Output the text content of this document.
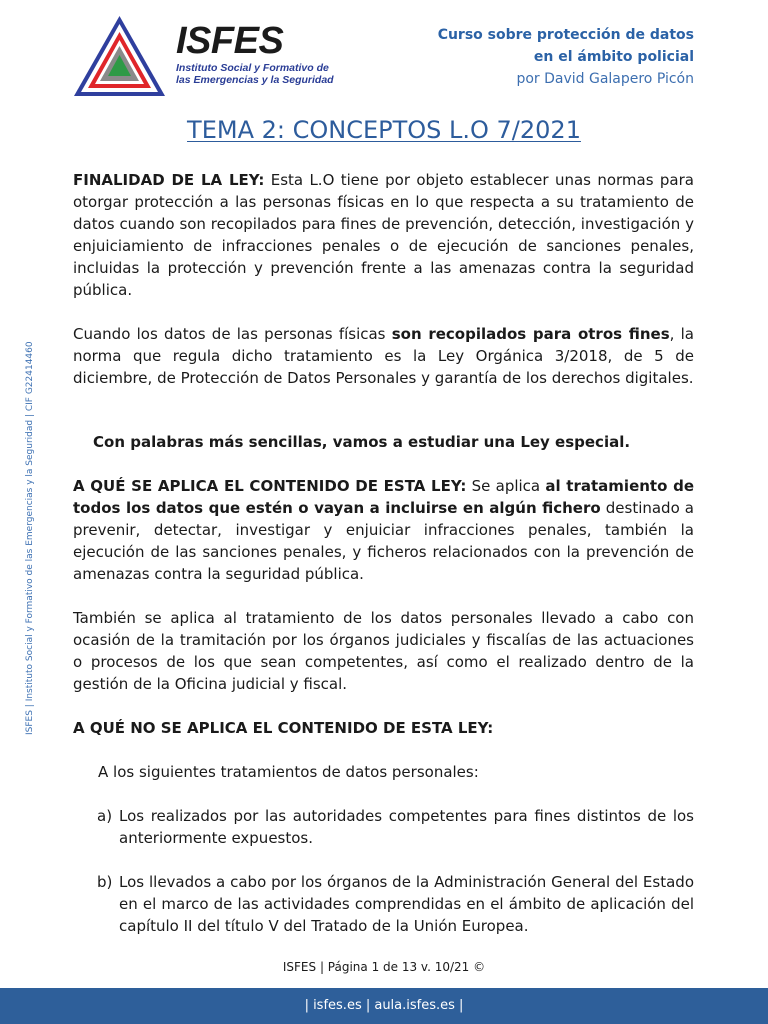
ISFES
Instituto Social y Formativo de
las Emergencias y la Seguridad
Curso sobre protección de datos
en el ámbito policial
por David Galapero Picón
TEMA 2: CONCEPTOS L.O 7/2021
ISFES | Instituto Social y Formativo de las Emergencias y la Seguridad | CIF G22414460

FINALIDAD DE LA LEY: Esta L.O tiene por objeto establecer unas normas para otorgar protección a las personas físicas en lo que respecta a su tratamiento de datos cuando son recopilados para fines de prevención, detección, investigación y enjuiciamiento de infracciones penales o de ejecución de sanciones penales, incluidas la protección y prevención frente a las amenazas contra la seguridad pública.

Cuando los datos de las personas físicas son recopilados para otros fines, la norma que regula dicho tratamiento es la Ley Orgánica 3/2018, de 5 de diciembre, de Protección de Datos Personales y garantía de los derechos digitales.

Con palabras más sencillas, vamos a estudiar una Ley especial.

A QUÉ SE APLICA EL CONTENIDO DE ESTA LEY: Se aplica al tratamiento de todos los datos que estén o vayan a incluirse en algún fichero destinado a prevenir, detectar, investigar y enjuiciar infracciones penales, también la ejecución de las sanciones penales, y ficheros relacionados con la prevención de amenazas contra la seguridad pública.

También se aplica al tratamiento de los datos personales llevado a cabo con ocasión de la tramitación por los órganos judiciales y fiscalías de las actuaciones o procesos de los que sean competentes, así como el realizado dentro de la gestión de la Oficina judicial y fiscal.

A QUÉ NO SE APLICA EL CONTENIDO DE ESTA LEY:

A los siguientes tratamientos de datos personales:

a) Los realizados por las autoridades competentes para fines distintos de los anteriormente expuestos.

b) Los llevados a cabo por los órganos de la Administración General del Estado en el marco de las actividades comprendidas en el ámbito de aplicación del capítulo II del título V del Tratado de la Unión Europea.

ISFES | Página 1 de 13 v. 10/21 ©
| isfes.es | aula.isfes.es |
